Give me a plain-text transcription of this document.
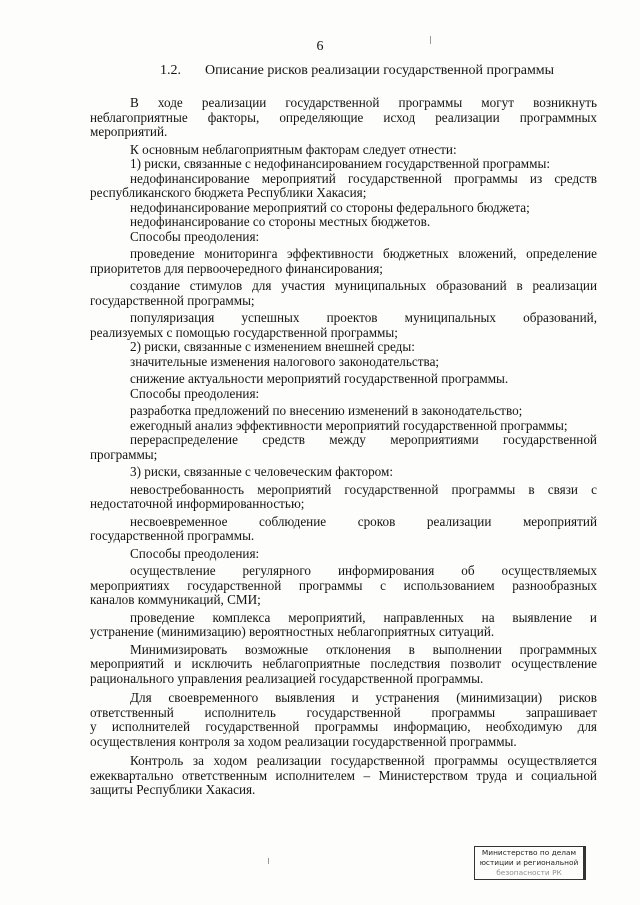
6
1.2. Описание рисков реализации государственной программы
В ходе реализации государственной программы могут возникнуть
неблагоприятные факторы, определяющие исход реализации программных
мероприятий.
К основным неблагоприятным факторам следует отнести:
1) риски, связанные с недофинансированием государственной программы:
недофинансирование мероприятий государственной программы из средств
республиканского бюджета Республики Хакасия;
недофинансирование мероприятий со стороны федерального бюджета;
недофинансирование со стороны местных бюджетов.
Способы преодоления:
проведение мониторинга эффективности бюджетных вложений, определение
приоритетов для первоочередного финансирования;
создание стимулов для участия муниципальных образований в реализации
государственной программы;
популяризация успешных проектов муниципальных образований,
реализуемых с помощью государственной программы;
2) риски, связанные с изменением внешней среды:
значительные изменения налогового законодательства;
снижение актуальности мероприятий государственной программы.
Способы преодоления:
разработка предложений по внесению изменений в законодательство;
ежегодный анализ эффективности мероприятий государственной программы;
перераспределение средств между мероприятиями государственной
программы;
3) риски, связанные с человеческим фактором:
невостребованность мероприятий государственной программы в связи с
недостаточной информированностью;
несвоевременное соблюдение сроков реализации мероприятий
государственной программы.
Способы преодоления:
осуществление регулярного информирования об осуществляемых
мероприятиях государственной программы с использованием разнообразных
каналов коммуникаций, СМИ;
проведение комплекса мероприятий, направленных на выявление и
устранение (минимизацию) вероятностных неблагоприятных ситуаций.
Минимизировать возможные отклонения в выполнении программных
мероприятий и исключить неблагоприятные последствия позволит осуществление
рационального управления реализацией государственной программы.
Для своевременного выявления и устранения (минимизации) рисков
ответственный исполнитель государственной программы запрашивает
у исполнителей государственной программы информацию, необходимую для
осуществления контроля за ходом реализации государственной программы.
Контроль за ходом реализации государственной программы осуществляется
ежеквартально ответственным исполнителем – Министерством труда и социальной
защиты Республики Хакасия.
Министерство по делам
юстиции и региональной
безопасности РК
